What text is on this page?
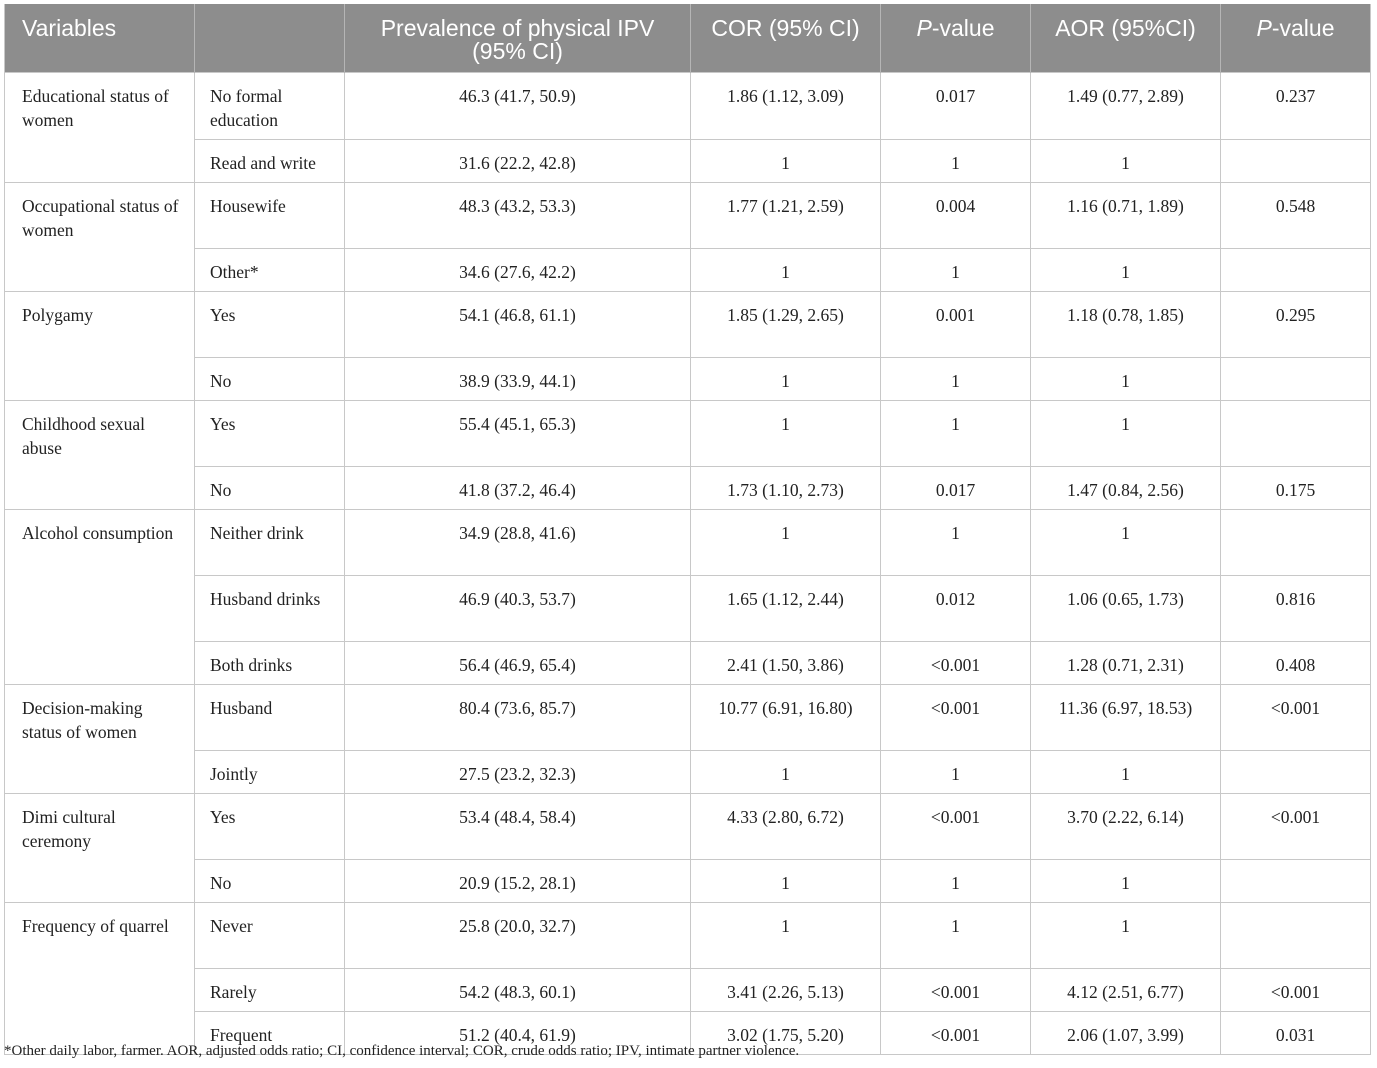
Variables		Prevalence of physical IPV (95% CI)	COR (95% CI)	P-value	AOR (95%CI)	P-value
Educational status of women	No formal education	46.3 (41.7, 50.9)	1.86 (1.12, 3.09)	0.017	1.49 (0.77, 2.89)	0.237
	Read and write	31.6 (22.2, 42.8)	1	1	1	
Occupational status of women	Housewife	48.3 (43.2, 53.3)	1.77 (1.21, 2.59)	0.004	1.16 (0.71, 1.89)	0.548
	Other*	34.6 (27.6, 42.2)	1	1	1	
Polygamy	Yes	54.1 (46.8, 61.1)	1.85 (1.29, 2.65)	0.001	1.18 (0.78, 1.85)	0.295
	No	38.9 (33.9, 44.1)	1	1	1	
Childhood sexual abuse	Yes	55.4 (45.1, 65.3)	1	1	1	
	No	41.8 (37.2, 46.4)	1.73 (1.10, 2.73)	0.017	1.47 (0.84, 2.56)	0.175
Alcohol consumption	Neither drink	34.9 (28.8, 41.6)	1	1	1	
	Husband drinks	46.9 (40.3, 53.7)	1.65 (1.12, 2.44)	0.012	1.06 (0.65, 1.73)	0.816
	Both drinks	56.4 (46.9, 65.4)	2.41 (1.50, 3.86)	<0.001	1.28 (0.71, 2.31)	0.408
Decision-making status of women	Husband	80.4 (73.6, 85.7)	10.77 (6.91, 16.80)	<0.001	11.36 (6.97, 18.53)	<0.001
	Jointly	27.5 (23.2, 32.3)	1	1	1	
Dimi cultural ceremony	Yes	53.4 (48.4, 58.4)	4.33 (2.80, 6.72)	<0.001	3.70 (2.22, 6.14)	<0.001
	No	20.9 (15.2, 28.1)	1	1	1	
Frequency of quarrel	Never	25.8 (20.0, 32.7)	1	1	1	
	Rarely	54.2 (48.3, 60.1)	3.41 (2.26, 5.13)	<0.001	4.12 (2.51, 6.77)	<0.001
	Frequent	51.2 (40.4, 61.9)	3.02 (1.75, 5.20)	<0.001	2.06 (1.07, 3.99)	0.031
*Other daily labor, farmer. AOR, adjusted odds ratio; CI, confidence interval; COR, crude odds ratio; IPV, intimate partner violence.
